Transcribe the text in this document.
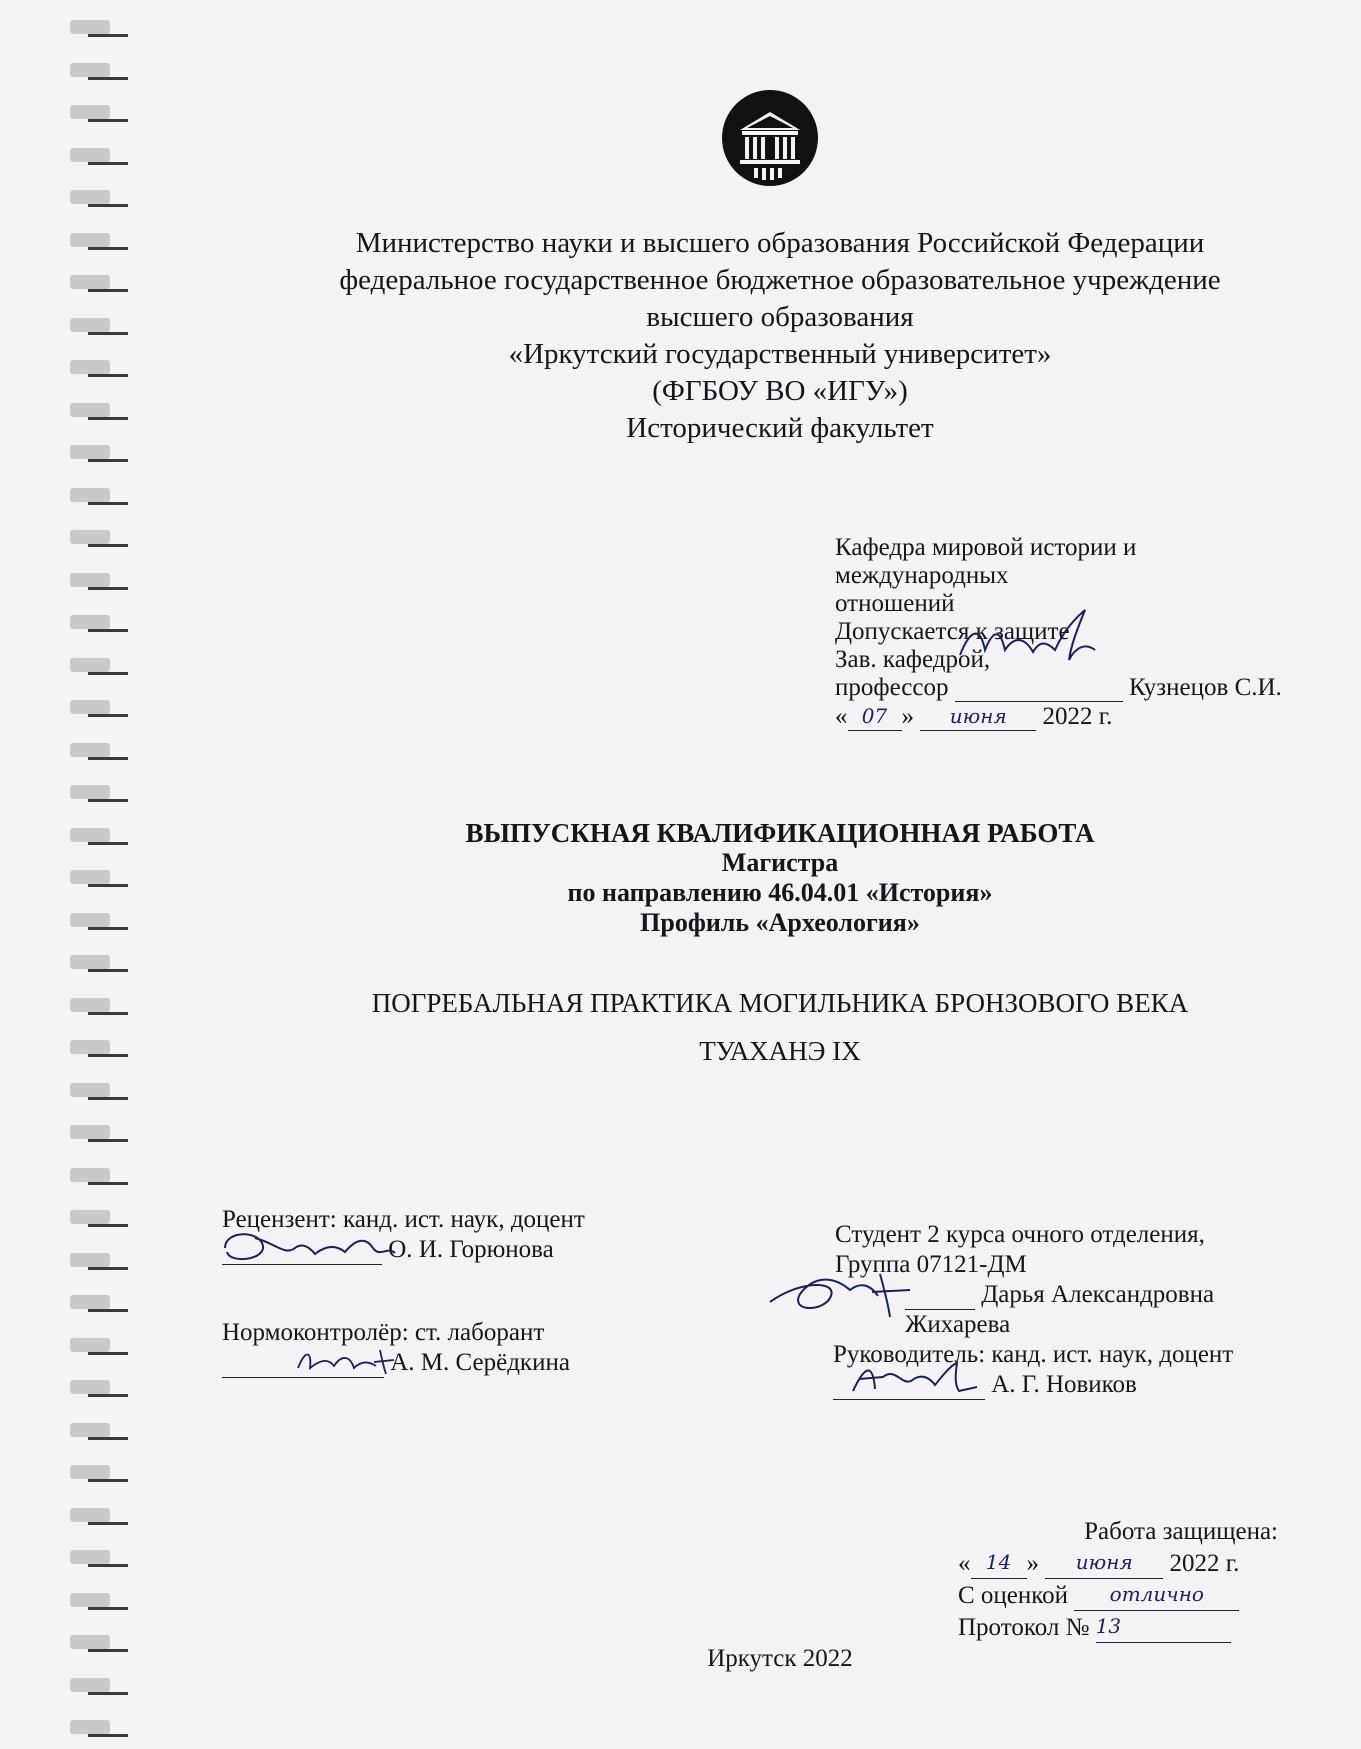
Министерство науки и высшего образования Российской Федерации
федеральное государственное бюджетное образовательное учреждение
высшего образования
«Иркутский государственный университет»
(ФГБОУ ВО «ИГУ»)
Исторический факультет
Кафедра мировой истории и международных
отношений
Допускается к защите
Зав. кафедрой,
профессор	Кузнецов С.И.
« 07 » июня 2022 г.
ВЫПУСКНАЯ КВАЛИФИКАЦИОННАЯ РАБОТА
Магистра
по направлению 46.04.01 «История»
Профиль «Археология»
ПОГРЕБАЛЬНАЯ ПРАКТИКА МОГИЛЬНИКА БРОНЗОВОГО ВЕКА
ТУАХАНЭ IX
Рецензент: канд. ист. наук, доцент
О. И. Горюнова
Студент 2 курса очного отделения,
Группа 07121-ДМ
Дарья Александровна Жихарева
Нормоконтролёр: ст. лаборант
А. М. Серёдкина	Руководитель: канд. ист. наук, доцент
А. Г. Новиков
Работа защищена:
« 14 » июня 2022 г.
С оценкой отлично
Протокол № 13
Иркутск 2022
